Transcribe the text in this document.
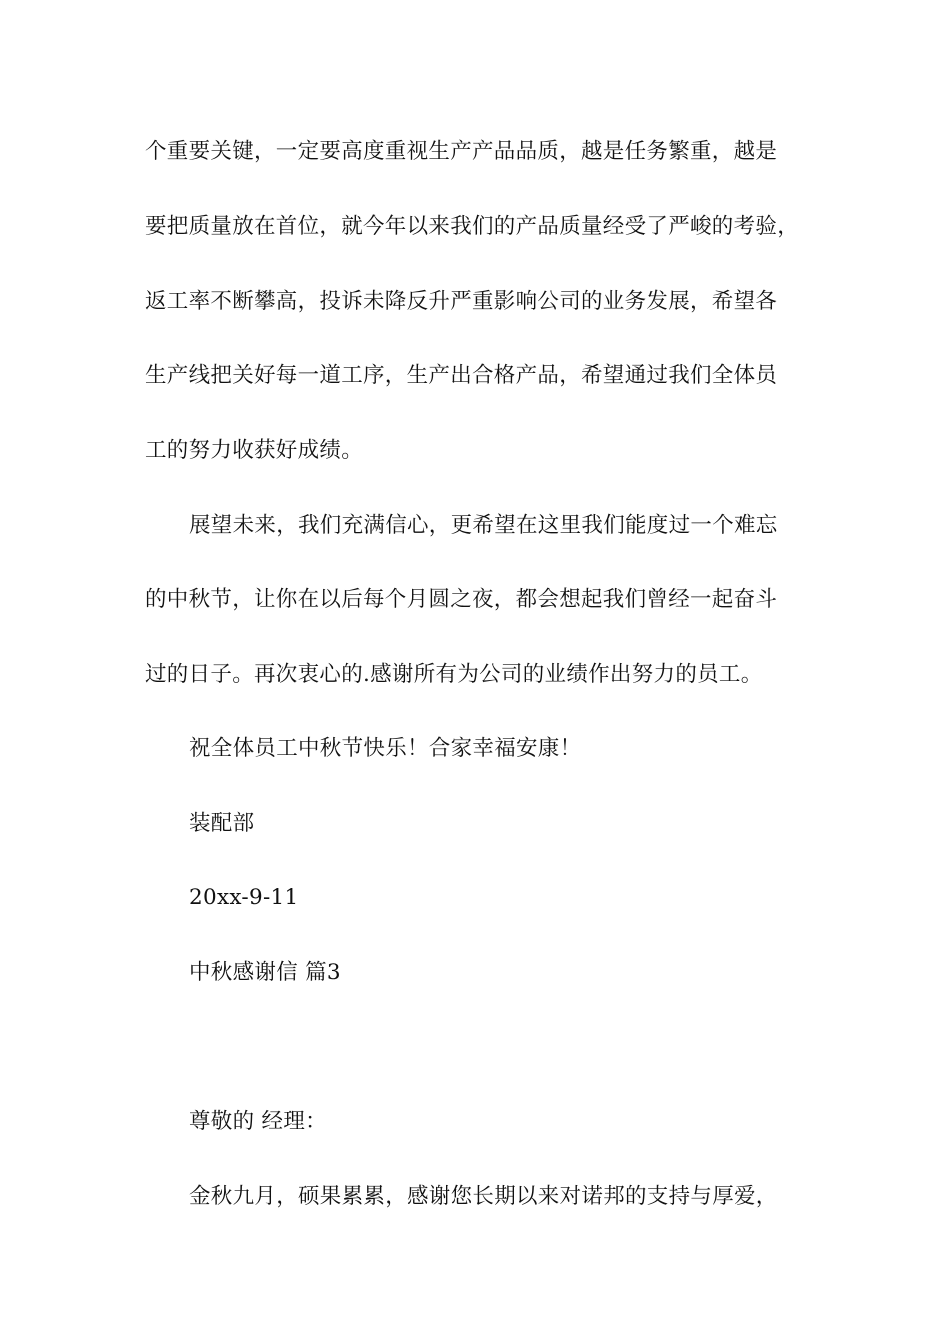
个重要关键，一定要高度重视生产产品品质，越是任务繁重，越是
要把质量放在首位，就今年以来我们的产品质量经受了严峻的考验，
返工率不断攀高，投诉未降反升严重影响公司的业务发展，希望各
生产线把关好每一道工序，生产出合格产品，希望通过我们全体员
工的努力收获好成绩。
展望未来，我们充满信心，更希望在这里我们能度过一个难忘
的中秋节，让你在以后每个月圆之夜，都会想起我们曾经一起奋斗
过的日子。再次衷心的.感谢所有为公司的业绩作出努力的员工。
祝全体员工中秋节快乐！合家幸福安康！
装配部
20xx-9-11
中秋感谢信 篇3
尊敬的 经理：
金秋九月，硕果累累，感谢您长期以来对诺邦的支持与厚爱，
